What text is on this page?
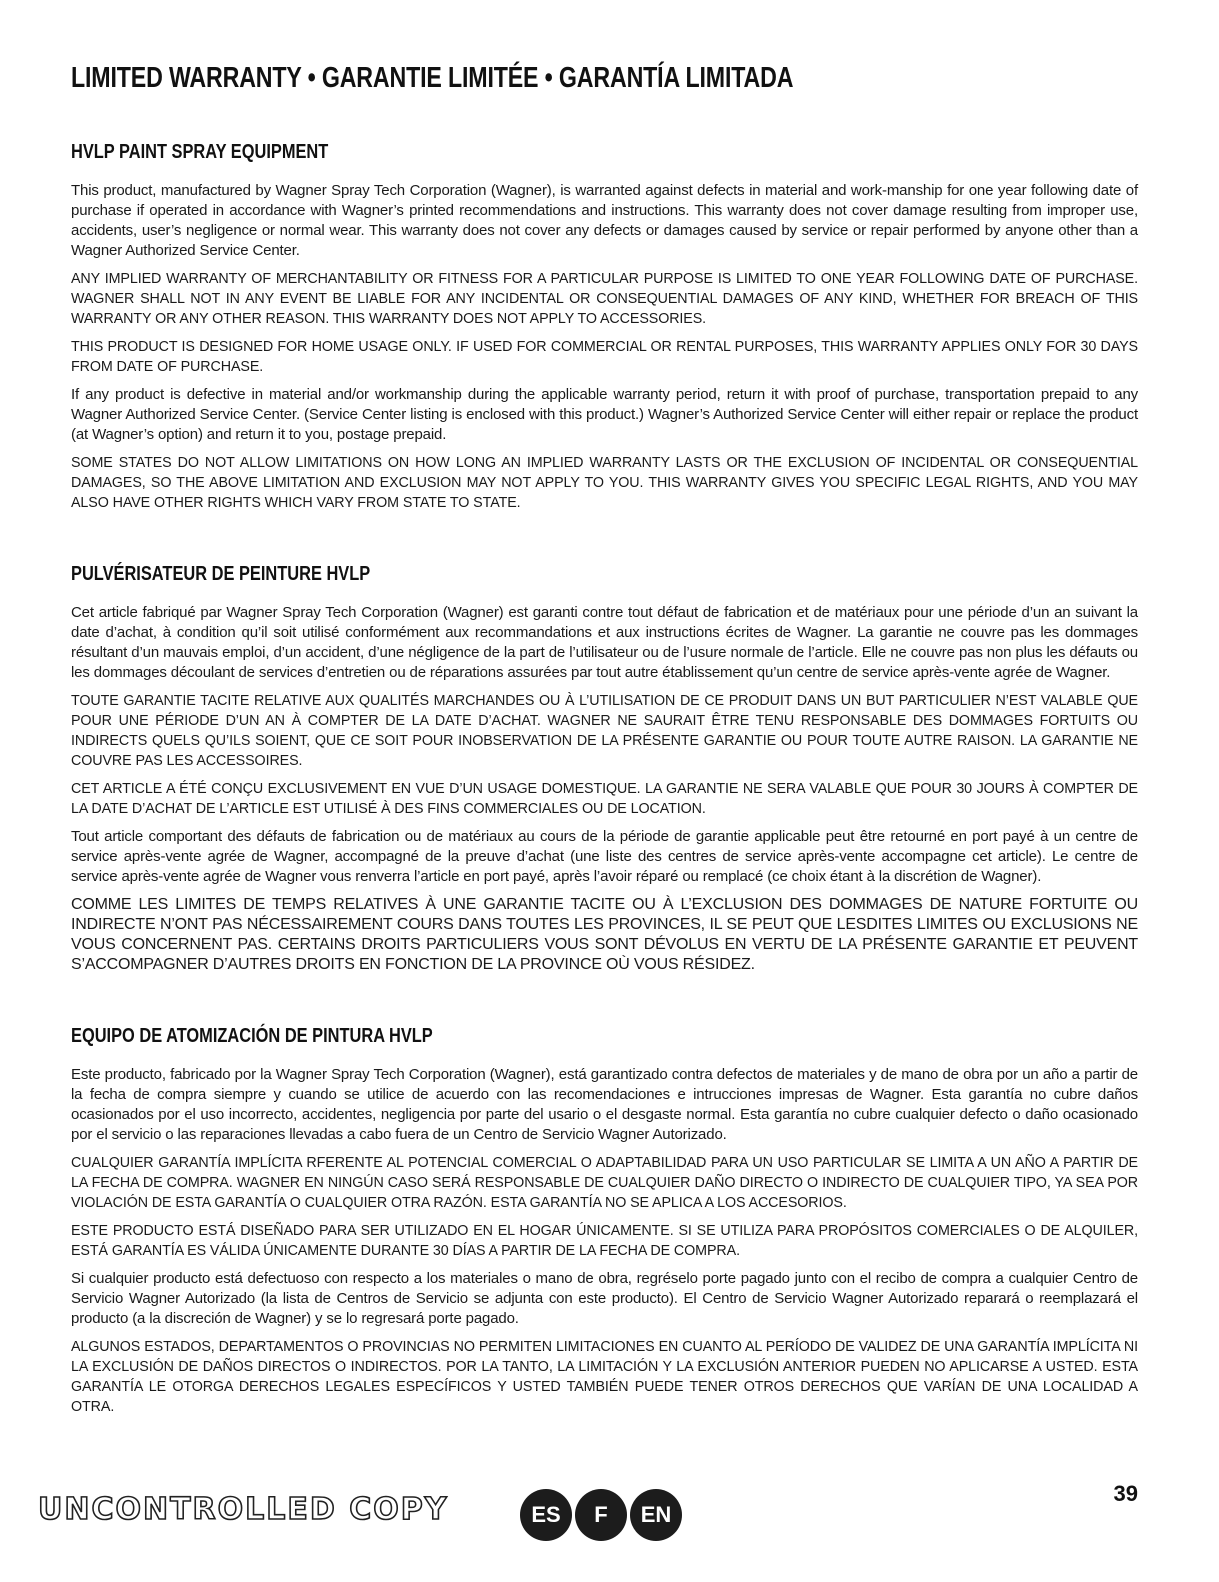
LIMITED WARRANTY • GARANTIE LIMITÉE • GARANTÍA LIMITADA
HVLP PAINT SPRAY EQUIPMENT

This product, manufactured by Wagner Spray Tech Corporation (Wagner), is warranted against defects in material and work-manship for one year following date of purchase if operated in accordance with Wagner’s printed recommendations and instructions. This warranty does not cover damage resulting from improper use, accidents, user’s negligence or normal wear. This warranty does not cover any defects or damages caused by service or repair performed by anyone other than a Wagner Authorized Service Center.

ANY IMPLIED WARRANTY OF MERCHANTABILITY OR FITNESS FOR A PARTICULAR PURPOSE IS LIMITED TO ONE YEAR FOLLOWING DATE OF PURCHASE. WAGNER SHALL NOT IN ANY EVENT BE LIABLE FOR ANY INCIDENTAL OR CONSEQUENTIAL DAMAGES OF ANY KIND, WHETHER FOR BREACH OF THIS WARRANTY OR ANY OTHER REASON. THIS WARRANTY DOES NOT APPLY TO ACCESSORIES.

THIS PRODUCT IS DESIGNED FOR HOME USAGE ONLY. IF USED FOR COMMERCIAL OR RENTAL PURPOSES, THIS WARRANTY APPLIES ONLY FOR 30 DAYS FROM DATE OF PURCHASE.

If any product is defective in material and/or workmanship during the applicable warranty period, return it with proof of purchase, transportation prepaid to any Wagner Authorized Service Center. (Service Center listing is enclosed with this product.) Wagner’s Authorized Service Center will either repair or replace the product (at Wagner’s option) and return it to you, postage prepaid.

SOME STATES DO NOT ALLOW LIMITATIONS ON HOW LONG AN IMPLIED WARRANTY LASTS OR THE EXCLUSION OF INCIDENTAL OR CONSEQUENTIAL DAMAGES, SO THE ABOVE LIMITATION AND EXCLUSION MAY NOT APPLY TO YOU. THIS WARRANTY GIVES YOU SPECIFIC LEGAL RIGHTS, AND YOU MAY ALSO HAVE OTHER RIGHTS WHICH VARY FROM STATE TO STATE.

PULVÉRISATEUR DE PEINTURE HVLP

Cet article fabriqué par Wagner Spray Tech Corporation (Wagner) est garanti contre tout défaut de fabrication et de matériaux pour une période d’un an suivant la date d’achat, à condition qu’il soit utilisé conformément aux recommandations et aux instructions écrites de Wagner. La garantie ne couvre pas les dommages résultant d’un mauvais emploi, d’un accident, d’une négligence de la part de l’utilisateur ou de l’usure normale de l’article. Elle ne couvre pas non plus les défauts ou les dommages découlant de services d’entretien ou de réparations assurées par tout autre établissement qu’un centre de service après-vente agrée de Wagner.

TOUTE GARANTIE TACITE RELATIVE AUX QUALITÉS MARCHANDES OU À L’UTILISATION DE CE PRODUIT DANS UN BUT PARTICULIER N’EST VALABLE QUE POUR UNE PÉRIODE D’UN AN À COMPTER DE LA DATE D’ACHAT. WAGNER NE SAURAIT ÊTRE TENU RESPONSABLE DES DOMMAGES FORTUITS OU INDIRECTS QUELS QU’ILS SOIENT, QUE CE SOIT POUR INOBSERVATION DE LA PRÉSENTE GARANTIE OU POUR TOUTE AUTRE RAISON. LA GARANTIE NE COUVRE PAS LES ACCESSOIRES.

CET ARTICLE A ÉTÉ CONÇU EXCLUSIVEMENT EN VUE D’UN USAGE DOMESTIQUE. LA GARANTIE NE SERA VALABLE QUE POUR 30 JOURS À COMPTER DE LA DATE D’ACHAT DE L’ARTICLE EST UTILISÉ À DES FINS COMMERCIALES OU DE LOCATION.

Tout article comportant des défauts de fabrication ou de matériaux au cours de la période de garantie applicable peut être retourné en port payé à un centre de service après-vente agrée de Wagner, accompagné de la preuve d’achat (une liste des centres de service après-vente accompagne cet article). Le centre de service après-vente agrée de Wagner vous renverra l’article en port payé, après l’avoir réparé ou remplacé (ce choix étant à la discrétion de Wagner).

COMME LES LIMITES DE TEMPS RELATIVES À UNE GARANTIE TACITE OU À L’EXCLUSION DES DOMMAGES DE NATURE FORTUITE OU INDIRECTE N’ONT PAS NÉCESSAIREMENT COURS DANS TOUTES LES PROVINCES, IL SE PEUT QUE LESDITES LIMITES OU EXCLUSIONS NE VOUS CONCERNENT PAS. CERTAINS DROITS PARTICULIERS VOUS SONT DÉVOLUS EN VERTU DE LA PRÉSENTE GARANTIE ET PEUVENT S’ACCOMPAGNER D’AUTRES DROITS EN FONCTION DE LA PROVINCE OÙ VOUS RÉSIDEZ.

EQUIPO DE ATOMIZACIÓN DE PINTURA HVLP

Este producto, fabricado por la Wagner Spray Tech Corporation (Wagner), está garantizado contra defectos de materiales y de mano de obra por un año a partir de la fecha de compra siempre y cuando se utilice de acuerdo con las recomendaciones e intrucciones impresas de Wagner. Esta garantía no cubre daños ocasionados por el uso incorrecto, accidentes, negligencia por parte del usario o el desgaste normal. Esta garantía no cubre cualquier defecto o daño ocasionado por el servicio o las reparaciones llevadas a cabo fuera de un Centro de Servicio Wagner Autorizado.

CUALQUIER GARANTÍA IMPLÍCITA RFERENTE AL POTENCIAL COMERCIAL O ADAPTABILIDAD PARA UN USO PARTICULAR SE LIMITA A UN AÑO A PARTIR DE LA FECHA DE COMPRA. WAGNER EN NINGÚN CASO SERÁ RESPONSABLE DE CUALQUIER DAÑO DIRECTO O INDIRECTO DE CUALQUIER TIPO, YA SEA POR VIOLACIÓN DE ESTA GARANTÍA O CUALQUIER OTRA RAZÓN. ESTA GARANTÍA NO SE APLICA A LOS ACCESORIOS.

ESTE PRODUCTO ESTÁ DISEÑADO PARA SER UTILIZADO EN EL HOGAR ÚNICAMENTE. SI SE UTILIZA PARA PROPÓSITOS COMERCIALES O DE ALQUILER, ESTÁ GARANTÍA ES VÁLIDA ÚNICAMENTE DURANTE 30 DÍAS A PARTIR DE LA FECHA DE COMPRA.

Si cualquier producto está defectuoso con respecto a los materiales o mano de obra, regréselo porte pagado junto con el recibo de compra a cualquier Centro de Servicio Wagner Autorizado (la lista de Centros de Servicio se adjunta con este producto). El Centro de Servicio Wagner Autorizado reparará o reemplazará el producto (a la discreción de Wagner) y se lo regresará porte pagado.

ALGUNOS ESTADOS, DEPARTAMENTOS O PROVINCIAS NO PERMITEN LIMITACIONES EN CUANTO AL PERÍODO DE VALIDEZ DE UNA GARANTÍA IMPLÍCITA NI LA EXCLUSIÓN DE DAÑOS DIRECTOS O INDIRECTOS. POR LA TANTO, LA LIMITACIÓN Y LA EXCLUSIÓN ANTERIOR PUEDEN NO APLICARSE A USTED. ESTA GARANTÍA LE OTORGA DERECHOS LEGALES ESPECÍFICOS Y USTED TAMBIÉN PUEDE TENER OTROS DERECHOS QUE VARÍAN DE UNA LOCALIDAD A OTRA.

UNCONTROLLED COPY	ES	F	EN
39
